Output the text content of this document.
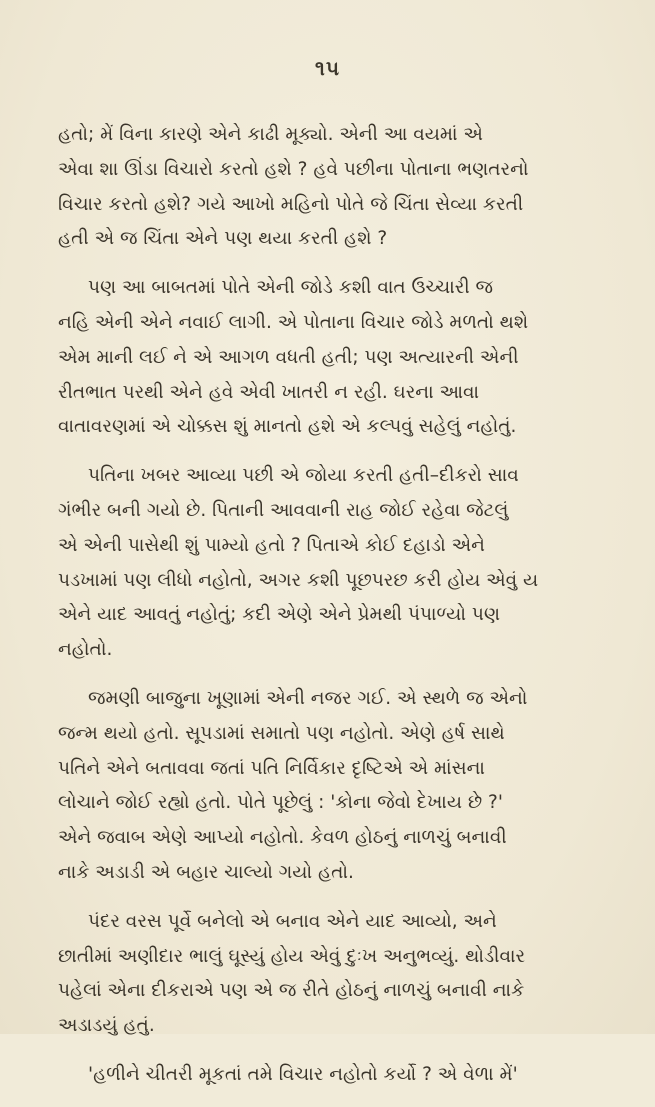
૧૫
હતો; મેં વિના કારણે એને કાઢી મૂક્યો. એની આ વયમાં એ
એવા શા ઊંડા વિચારો કરતો હશે ? હવે પછીના પોતાના ભણતરનો
વિચાર કરતો હશે? ગયે આખો મહિનો પોતે જે ચિંતા સેવ્યા કરતી
હતી એ જ ચિંતા એને પણ થયા કરતી હશે ?
પણ આ બાબતમાં પોતે એની જોડે કશી વાત ઉચ્ચારી જ
નહિ એની એને નવાઈ લાગી. એ પોતાના વિચાર જોડે મળતો થશે
એમ માની લઈ ને એ આગળ વધતી હતી; પણ અત્યારની એની
રીતભાત પરથી એને હવે એવી ખાતરી ન રહી. ઘરના આવા
વાતાવરણમાં એ ચોક્કસ શું માનતો હશે એ કલ્પવું સહેલું નહોતું.
પતિના ખબર આવ્યા પછી એ જોયા કરતી હતી–દીકરો સાવ
ગંભીર બની ગયો છે. પિતાની આવવાની રાહ જોઈ રહેવા જેટલું
એ એની પાસેથી શું પામ્યો હતો ? પિતાએ કોઈ દહાડો એને
પડખામાં પણ લીધો નહોતો, અગર કશી પૂછપરછ કરી હોય એવું ય
એને યાદ આવતું નહોતું; કદી એણે એને પ્રેમથી પંપાળ્યો પણ
નહોતો.
જમણી બાજુના ખૂણામાં એની નજર ગઈ. એ સ્થળે જ એનો
જન્મ થયો હતો. સૂપડામાં સમાતો પણ નહોતો. એણે હર્ષ સાથે
પતિને એને બતાવવા જતાં પતિ નિર્વિકાર દૃષ્ટિએ એ માંસના
લોચાને જોઈ રહ્યો હતો. પોતે પૂછેલું : 'કોના જેવો દેખાય છે ?'
એને જવાબ એણે આપ્યો નહોતો. કેવળ હોઠનું નાળચું બનાવી
નાકે અડાડી એ બહાર ચાલ્યો ગયો હતો.
પંદર વરસ પૂર્વે બનેલો એ બનાવ એને યાદ આવ્યો, અને
છાતીમાં અણીદાર ભાલું ઘૂસ્યું હોય એવું દુઃખ અનુભવ્યું. થોડીવાર
પહેલાં એના દીકરાએ પણ એ જ રીતે હોઠનું નાળચું બનાવી નાકે
અડાડયું હતું.
'હળીને ચીતરી મૂકતાં તમે વિચાર નહોતો કર્યો ? એ વેળા મેં'
